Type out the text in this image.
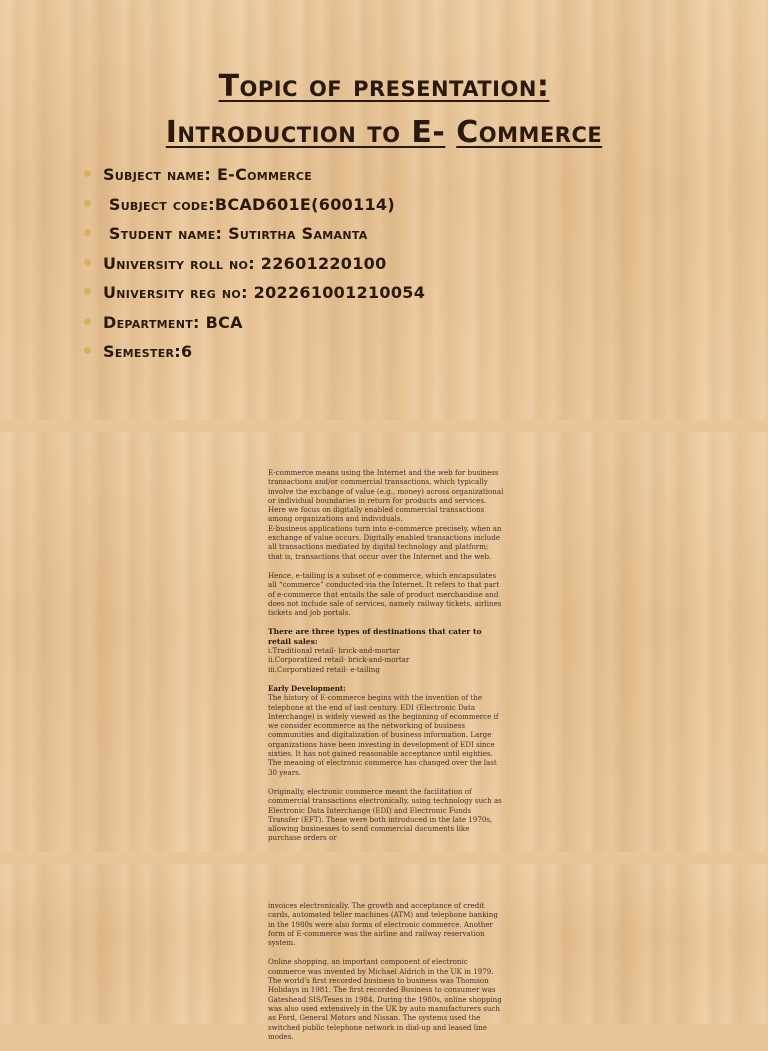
Topic of presentation:
Introduction to E- Commerce
Subject name: E-Commerce
Subject code:BCAD601E(600114)
Student name: Sutirtha Samanta
University roll no: 22601220100
University reg no: 202261001210054
Department: BCA
Semester:6

E-commerce means using the Internet and the web for business transactions and/or commercial transactions, which typically involve the exchange of value (e.g., money) across organizational or individual boundaries in return for products and services. Here we focus on digitally enabled commercial transactions among organizations and individuals.
E-business applications turn into e-commerce precisely, when an exchange of value occurs. Digitally enabled transactions include all transactions mediated by digital technology and platform; that is, transactions that occur over the Internet and the web.

Hence, e-tailing is a subset of e-commerce, which encapsulates all “commerce” conducted via the Internet. It refers to that part of e-commerce that entails the sale of product merchandise and does not include sale of services, namely railway tickets, airlines tickets and job portals.

There are three types of destinations that cater to retail sales:
i.Traditional retail- brick-and-mortar
ii.Corporatized retail- brick-and-mortar
iii.Corporatized retail- e-tailing

Early Development:
The history of E-commerce begins with the invention of the telephone at the end of last century. EDI (Electronic Data Interchange) is widely viewed as the beginning of ecommerce if we consider ecommerce as the networking of business communities and digitalization of business information. Large organizations have been investing in development of EDI since sixties. It has not gained reasonable acceptance until eighties. The meaning of electronic commerce has changed over the last 30 years.

Originally, electronic commerce meant the facilitation of commercial transactions electronically, using technology such as Electronic Data Interchange (EDI) and Electronic Funds Transfer (EFT). These were both introduced in the late 1970s, allowing businesses to send commercial documents like purchase orders or

invoices electronically. The growth and acceptance of credit cards, automated teller machines (ATM) and telephone banking in the 1980s were also forms of electronic commerce. Another form of E-commerce was the airline and railway reservation system.

Online shopping, an important component of electronic commerce was invented by Michael Aldrich in the UK in 1979. The world's first recorded business to business was Thomson Holidays in 1981. The first recorded Business to consumer was Gateshead SIS/Teses in 1984. During the 1980s, online shopping was also used extensively in the UK by auto manufacturers such as Ford, General Motors and Nissan. The systems used the switched public telephone network in dial-up and leased line modes.
